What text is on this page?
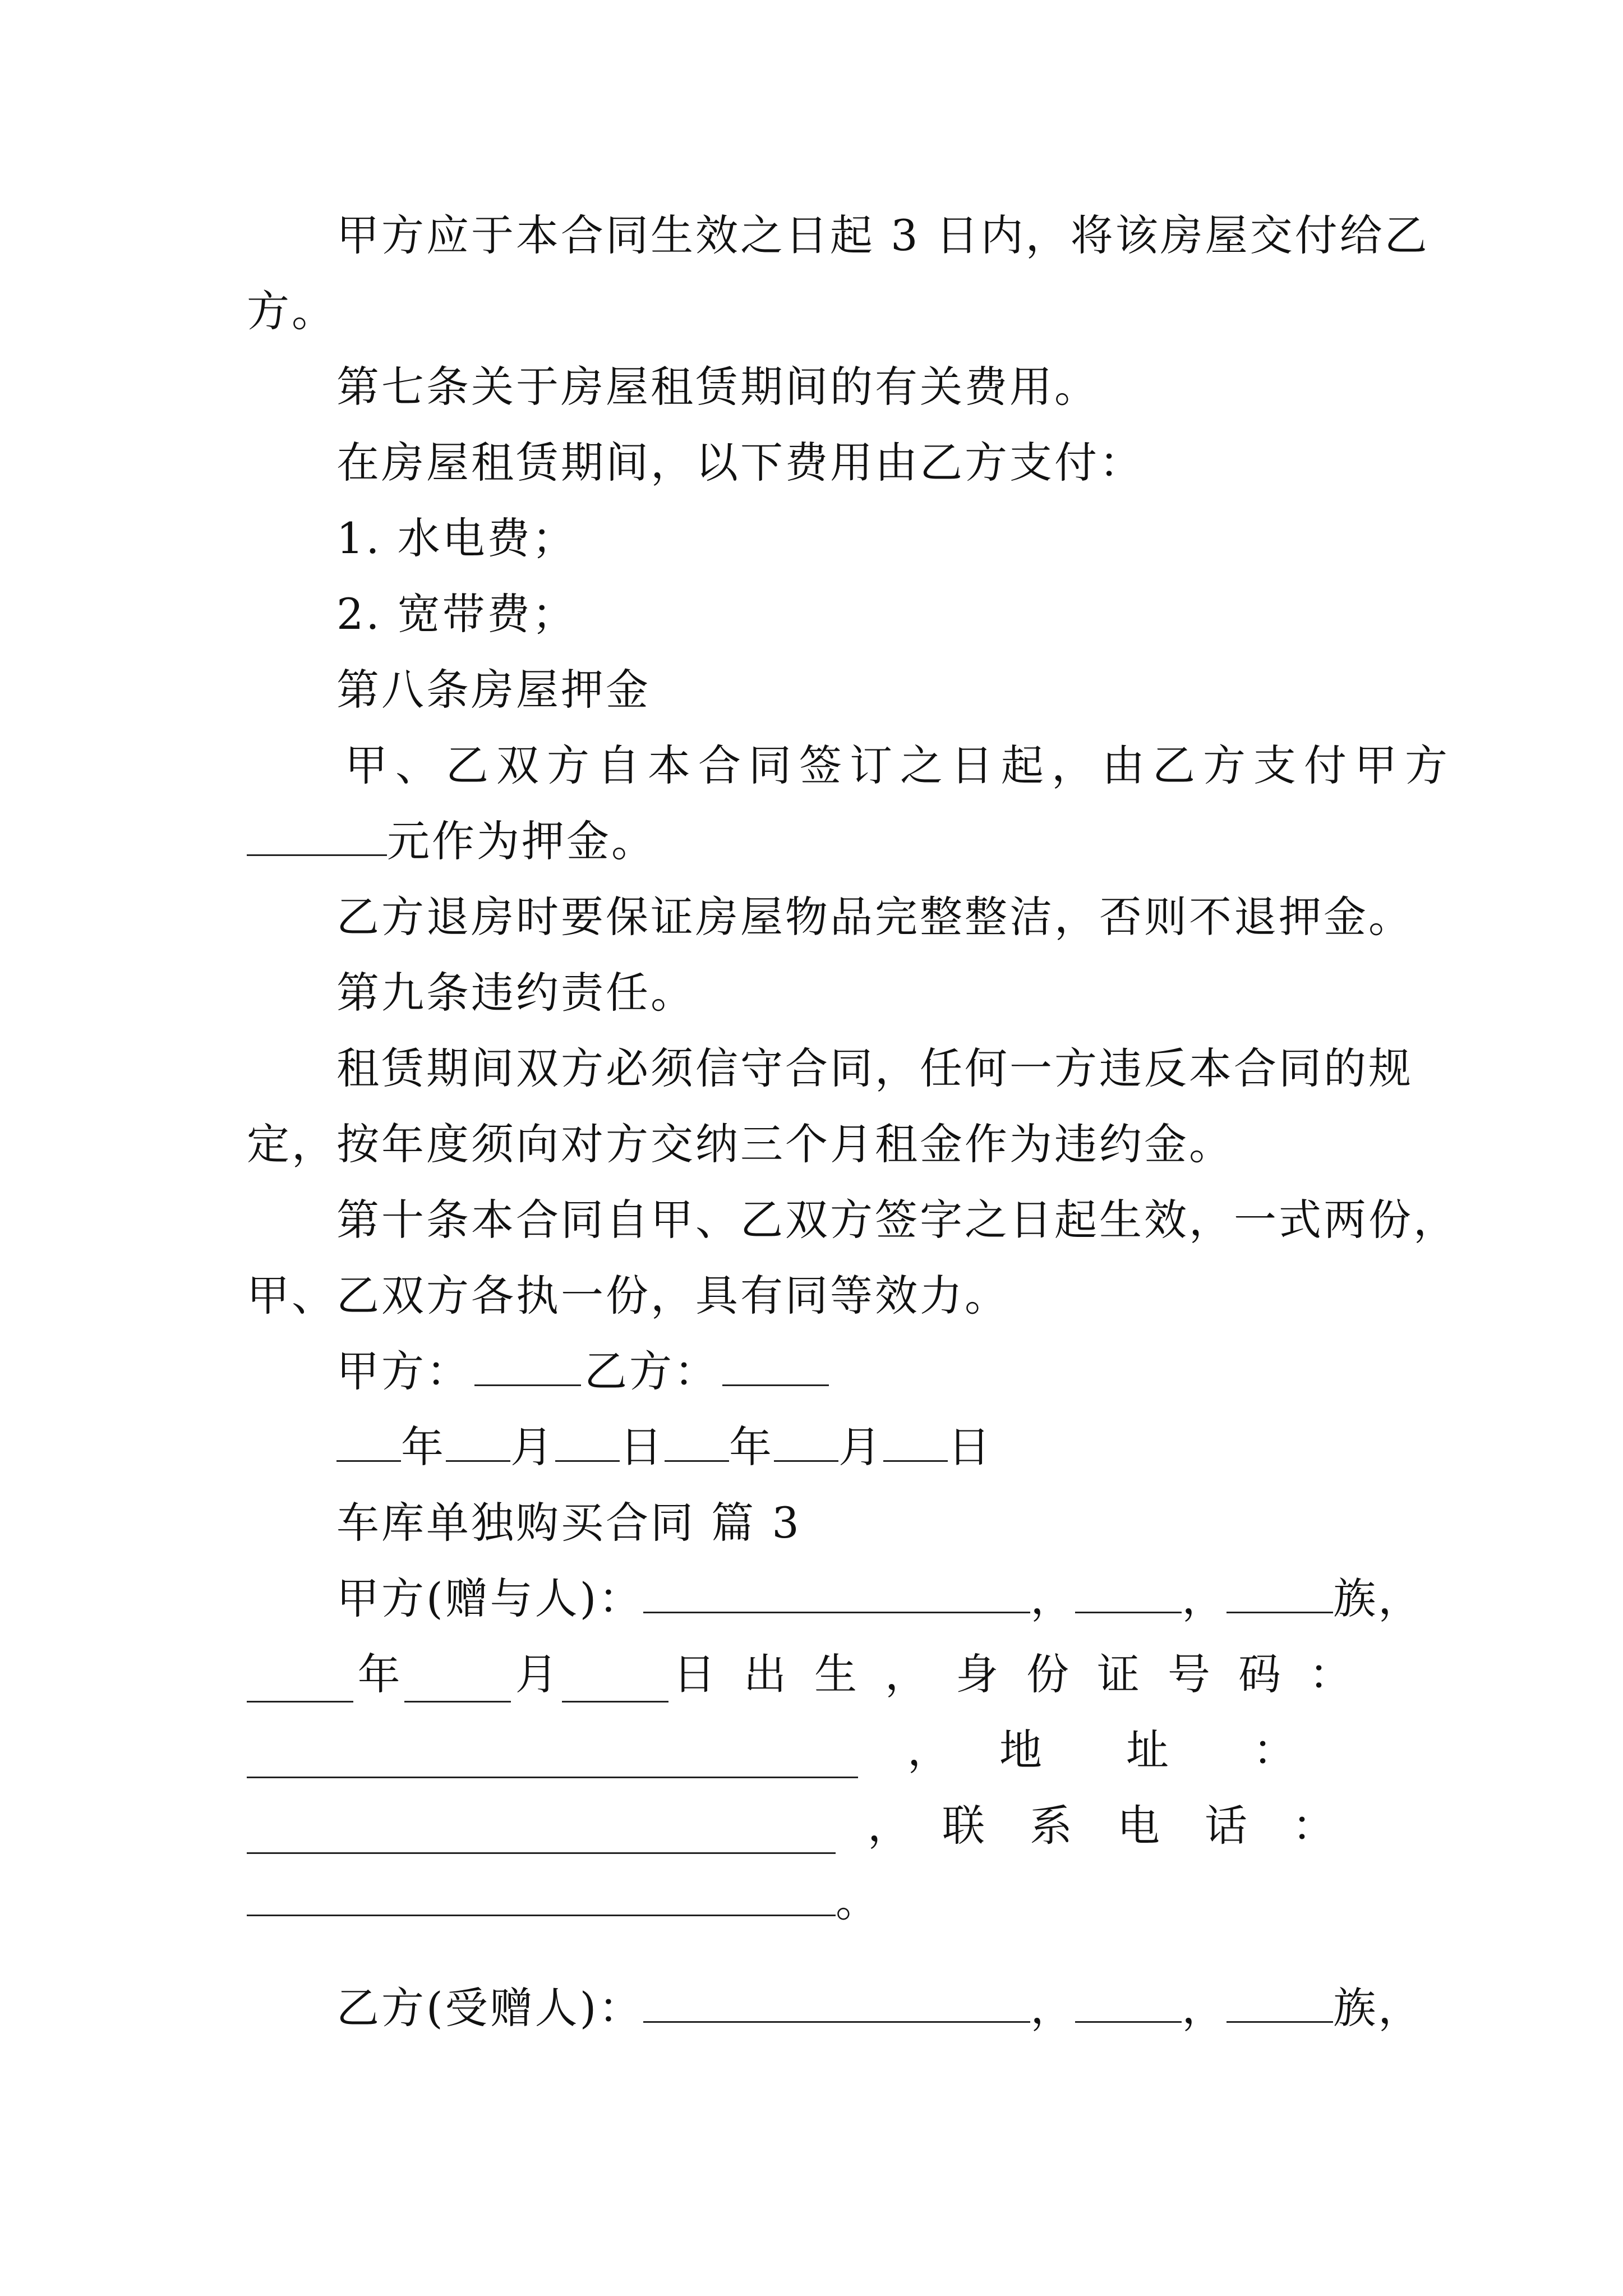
甲方应于本合同生效之日起 3 日内，将该房屋交付给乙
方。
第七条关于房屋租赁期间的有关费用。
在房屋租赁期间，以下费用由乙方支付：
1. 水电费；
2. 宽带费；
第八条房屋押金
甲、乙双方自本合同签订之日起，由乙方支付甲方
元作为押金。
乙方退房时要保证房屋物品完整整洁，否则不退押金。
第九条违约责任。
租赁期间双方必须信守合同，任何一方违反本合同的规
定，按年度须向对方交纳三个月租金作为违约金。
第十条本合同自甲、乙双方签字之日起生效，一式两份，
甲、乙双方各执一份，具有同等效力。
甲方：	乙方：
年 月 日 年 月 日
车库单独购买合同 篇 3
甲方(赠与人)：	，	，	族，
年	月	日出生，身份证号码：
， 地址：
， 联系电话：
。
乙方(受赠人)：	，	，	族，
